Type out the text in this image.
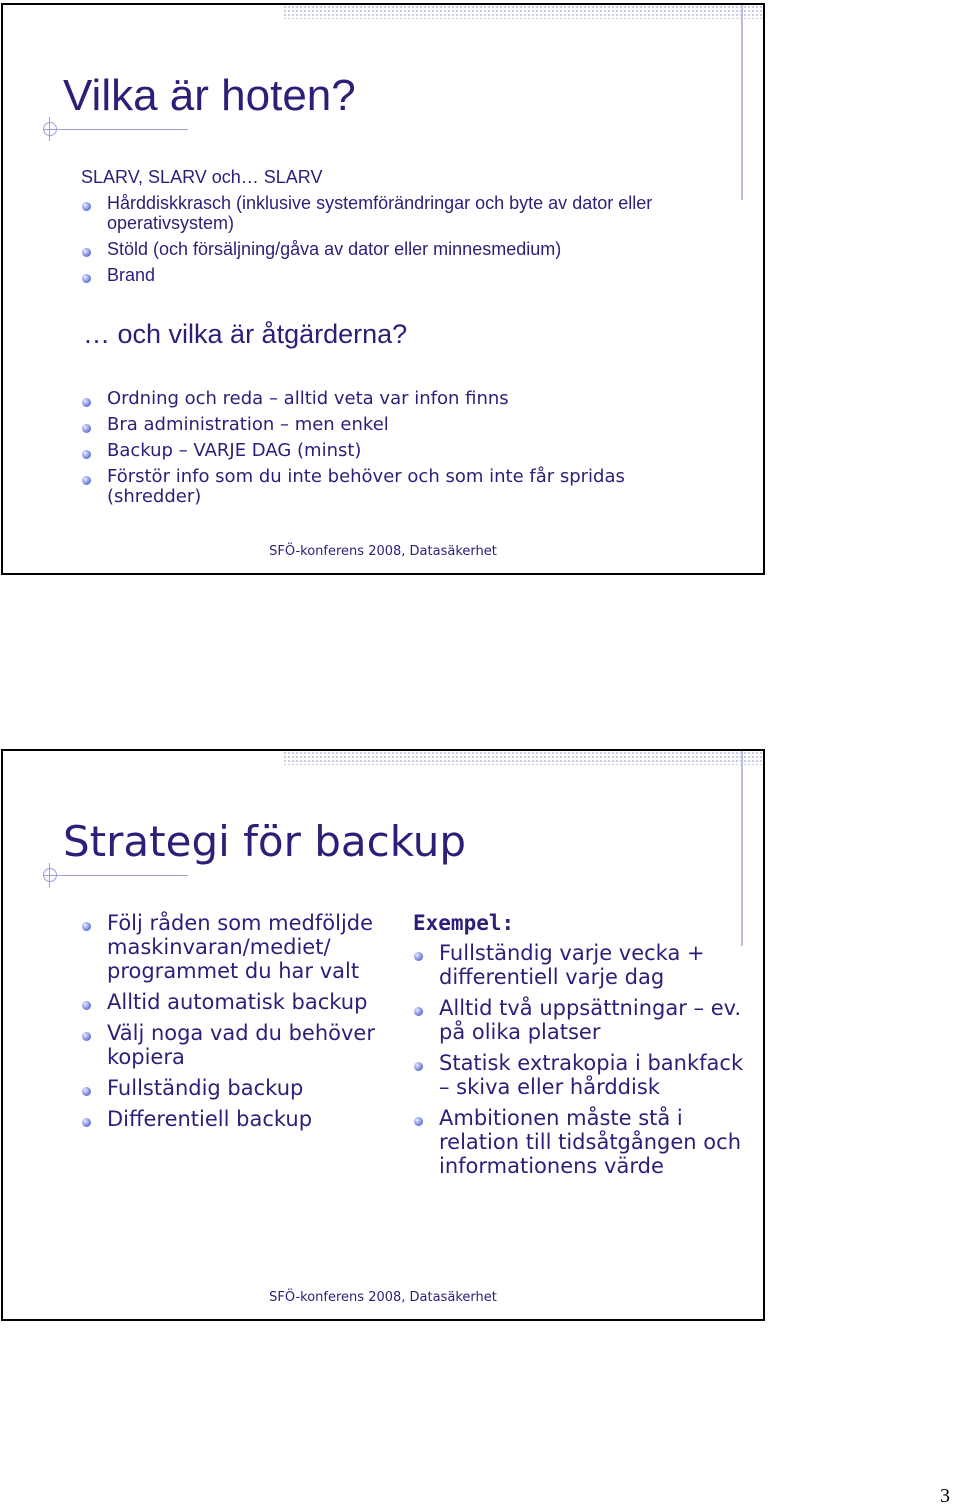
Vilka är hoten?
SLARV, SLARV och… SLARV
Hårddiskkrasch (inklusive systemförändringar och byte av dator eller operativsystem)
Stöld (och försäljning/gåva av dator eller minnesmedium)
Brand
… och vilka är åtgärderna?
Ordning och reda – alltid veta var infon finns
Bra administration – men enkel
Backup – VARJE DAG (minst)
Förstör info som du inte behöver och som inte får spridas (shredder)
SFÖ-konferens 2008, Datasäkerhet
Strategi för backup
Följ råden som medföljde maskinvaran/mediet/ programmet du har valt
Alltid automatisk backup
Välj noga vad du behöver kopiera
Fullständig backup
Differentiell backup
Exempel:
Fullständig varje vecka + differentiell varje dag
Alltid två uppsättningar – ev. på olika platser
Statisk extrakopia i bankfack – skiva eller hårddisk
Ambitionen måste stå i relation till tidsåtgången och informationens värde
SFÖ-konferens 2008, Datasäkerhet
3
